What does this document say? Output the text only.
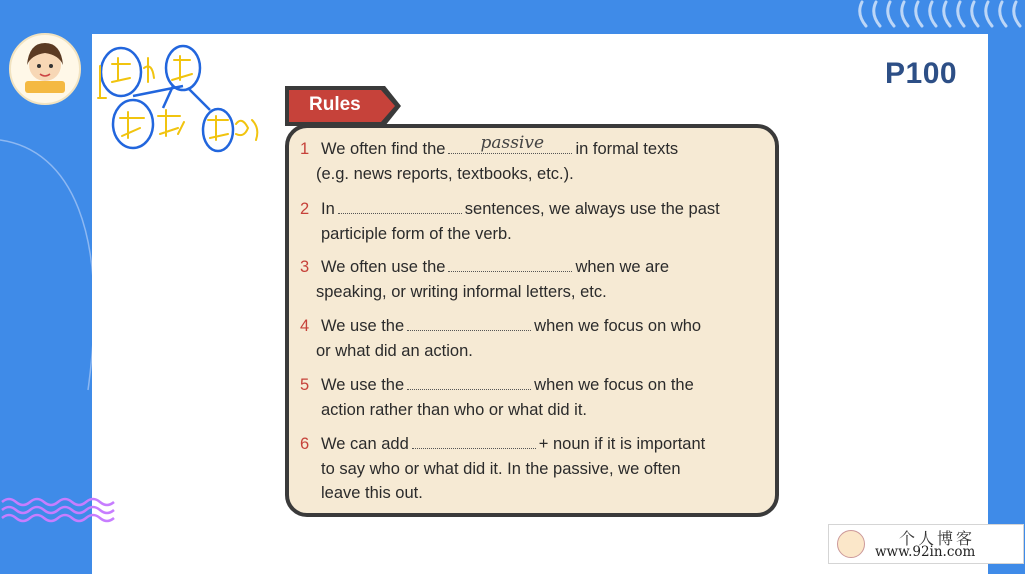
P100
Rules
1 We often find the passive in formal texts
(e.g. news reports, textbooks, etc.).
2 In	sentences, we always use the past
participle form of the verb.
3 We often use the	when we are
speaking, or writing informal letters, etc.
4 We use the	when we focus on who
or what did an action.
5 We use the	when we focus on the
action rather than who or what did it.
6 We can add	+ noun if it is important
to say who or what did it. In the passive, we often
leave this out.
个人博客
www.92in.com
